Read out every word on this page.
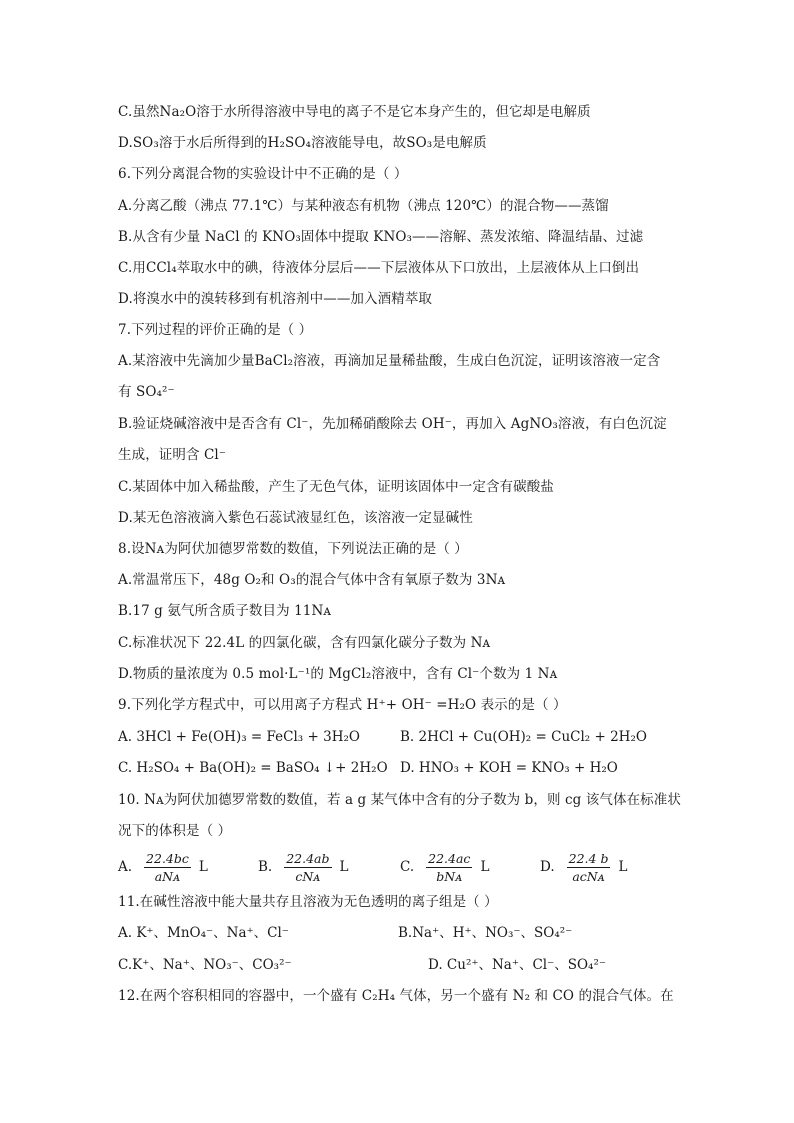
C.虽然Na₂O溶于水所得溶液中导电的离子不是它本身产生的，但它却是电解质
D.SO₃溶于水后所得到的H₂SO₄溶液能导电，故SO₃是电解质
6.下列分离混合物的实验设计中不正确的是（ ）
A.分离乙酸（沸点 77.1℃）与某种液态有机物（沸点 120℃）的混合物——蒸馏
B.从含有少量 NaCl 的 KNO₃固体中提取 KNO₃——溶解、蒸发浓缩、降温结晶、过滤
C.用CCl₄萃取水中的碘，待液体分层后——下层液体从下口放出，上层液体从上口倒出
D.将溴水中的溴转移到有机溶剂中——加入酒精萃取
7.下列过程的评价正确的是（ ）
A.某溶液中先滴加少量BaCl₂溶液，再滴加足量稀盐酸，生成白色沉淀，证明该溶液一定含
有 SO₄²⁻
B.验证烧碱溶液中是否含有 Cl⁻，先加稀硝酸除去 OH⁻，再加入 AgNO₃溶液，有白色沉淀
生成，证明含 Cl⁻
C.某固体中加入稀盐酸，产生了无色气体，证明该固体中一定含有碳酸盐
D.某无色溶液滴入紫色石蕊试液显红色，该溶液一定显碱性
8.设Nᴀ为阿伏加德罗常数的数值，下列说法正确的是（ ）
A.常温常压下，48g O₂和 O₃的混合气体中含有氧原子数为 3Nᴀ
B.17 g 氨气所含质子数目为 11Nᴀ
C.标准状况下 22.4L 的四氯化碳，含有四氯化碳分子数为 Nᴀ
D.物质的量浓度为 0.5 mol·L⁻¹的 MgCl₂溶液中，含有 Cl⁻个数为 1 Nᴀ
9.下列化学方程式中，可以用离子方程式 H⁺+ OH⁻ =H₂O 表示的是（ ）
A. 3HCl + Fe(OH)₃ = FeCl₃ + 3H₂O	B. 2HCl + Cu(OH)₂ = CuCl₂ + 2H₂O
C. H₂SO₄ + Ba(OH)₂ = BaSO₄ ↓+ 2H₂O D. HNO₃ + KOH = KNO₃ + H₂O
10. Nᴀ为阿伏加德罗常数的数值，若 a g 某气体中含有的分子数为 b，则 cg 该气体在标准状
况下的体积是（ ）
A. $\frac{22.4bc}{\text{aNᴀ}}$ L	B. $\frac{22.4ab}{\text{cNᴀ}}$ L	C. $\frac{22.4ac}{\text{bNᴀ}}$ L	D. $\frac{22.4 b}{\text{acNᴀ}}$ L
11.在碱性溶液中能大量共存且溶液为无色透明的离子组是（ ）
A. K⁺、MnO₄⁻、Na⁺、Cl⁻	B.Na⁺、H⁺、NO₃⁻、SO₄²⁻
C.K⁺、Na⁺、NO₃⁻、CO₃²⁻	D. Cu²⁺、Na⁺、Cl⁻、SO₄²⁻
12.在两个容积相同的容器中，一个盛有 C₂H₄ 气体，另一个盛有 N₂ 和 CO 的混合气体。在
